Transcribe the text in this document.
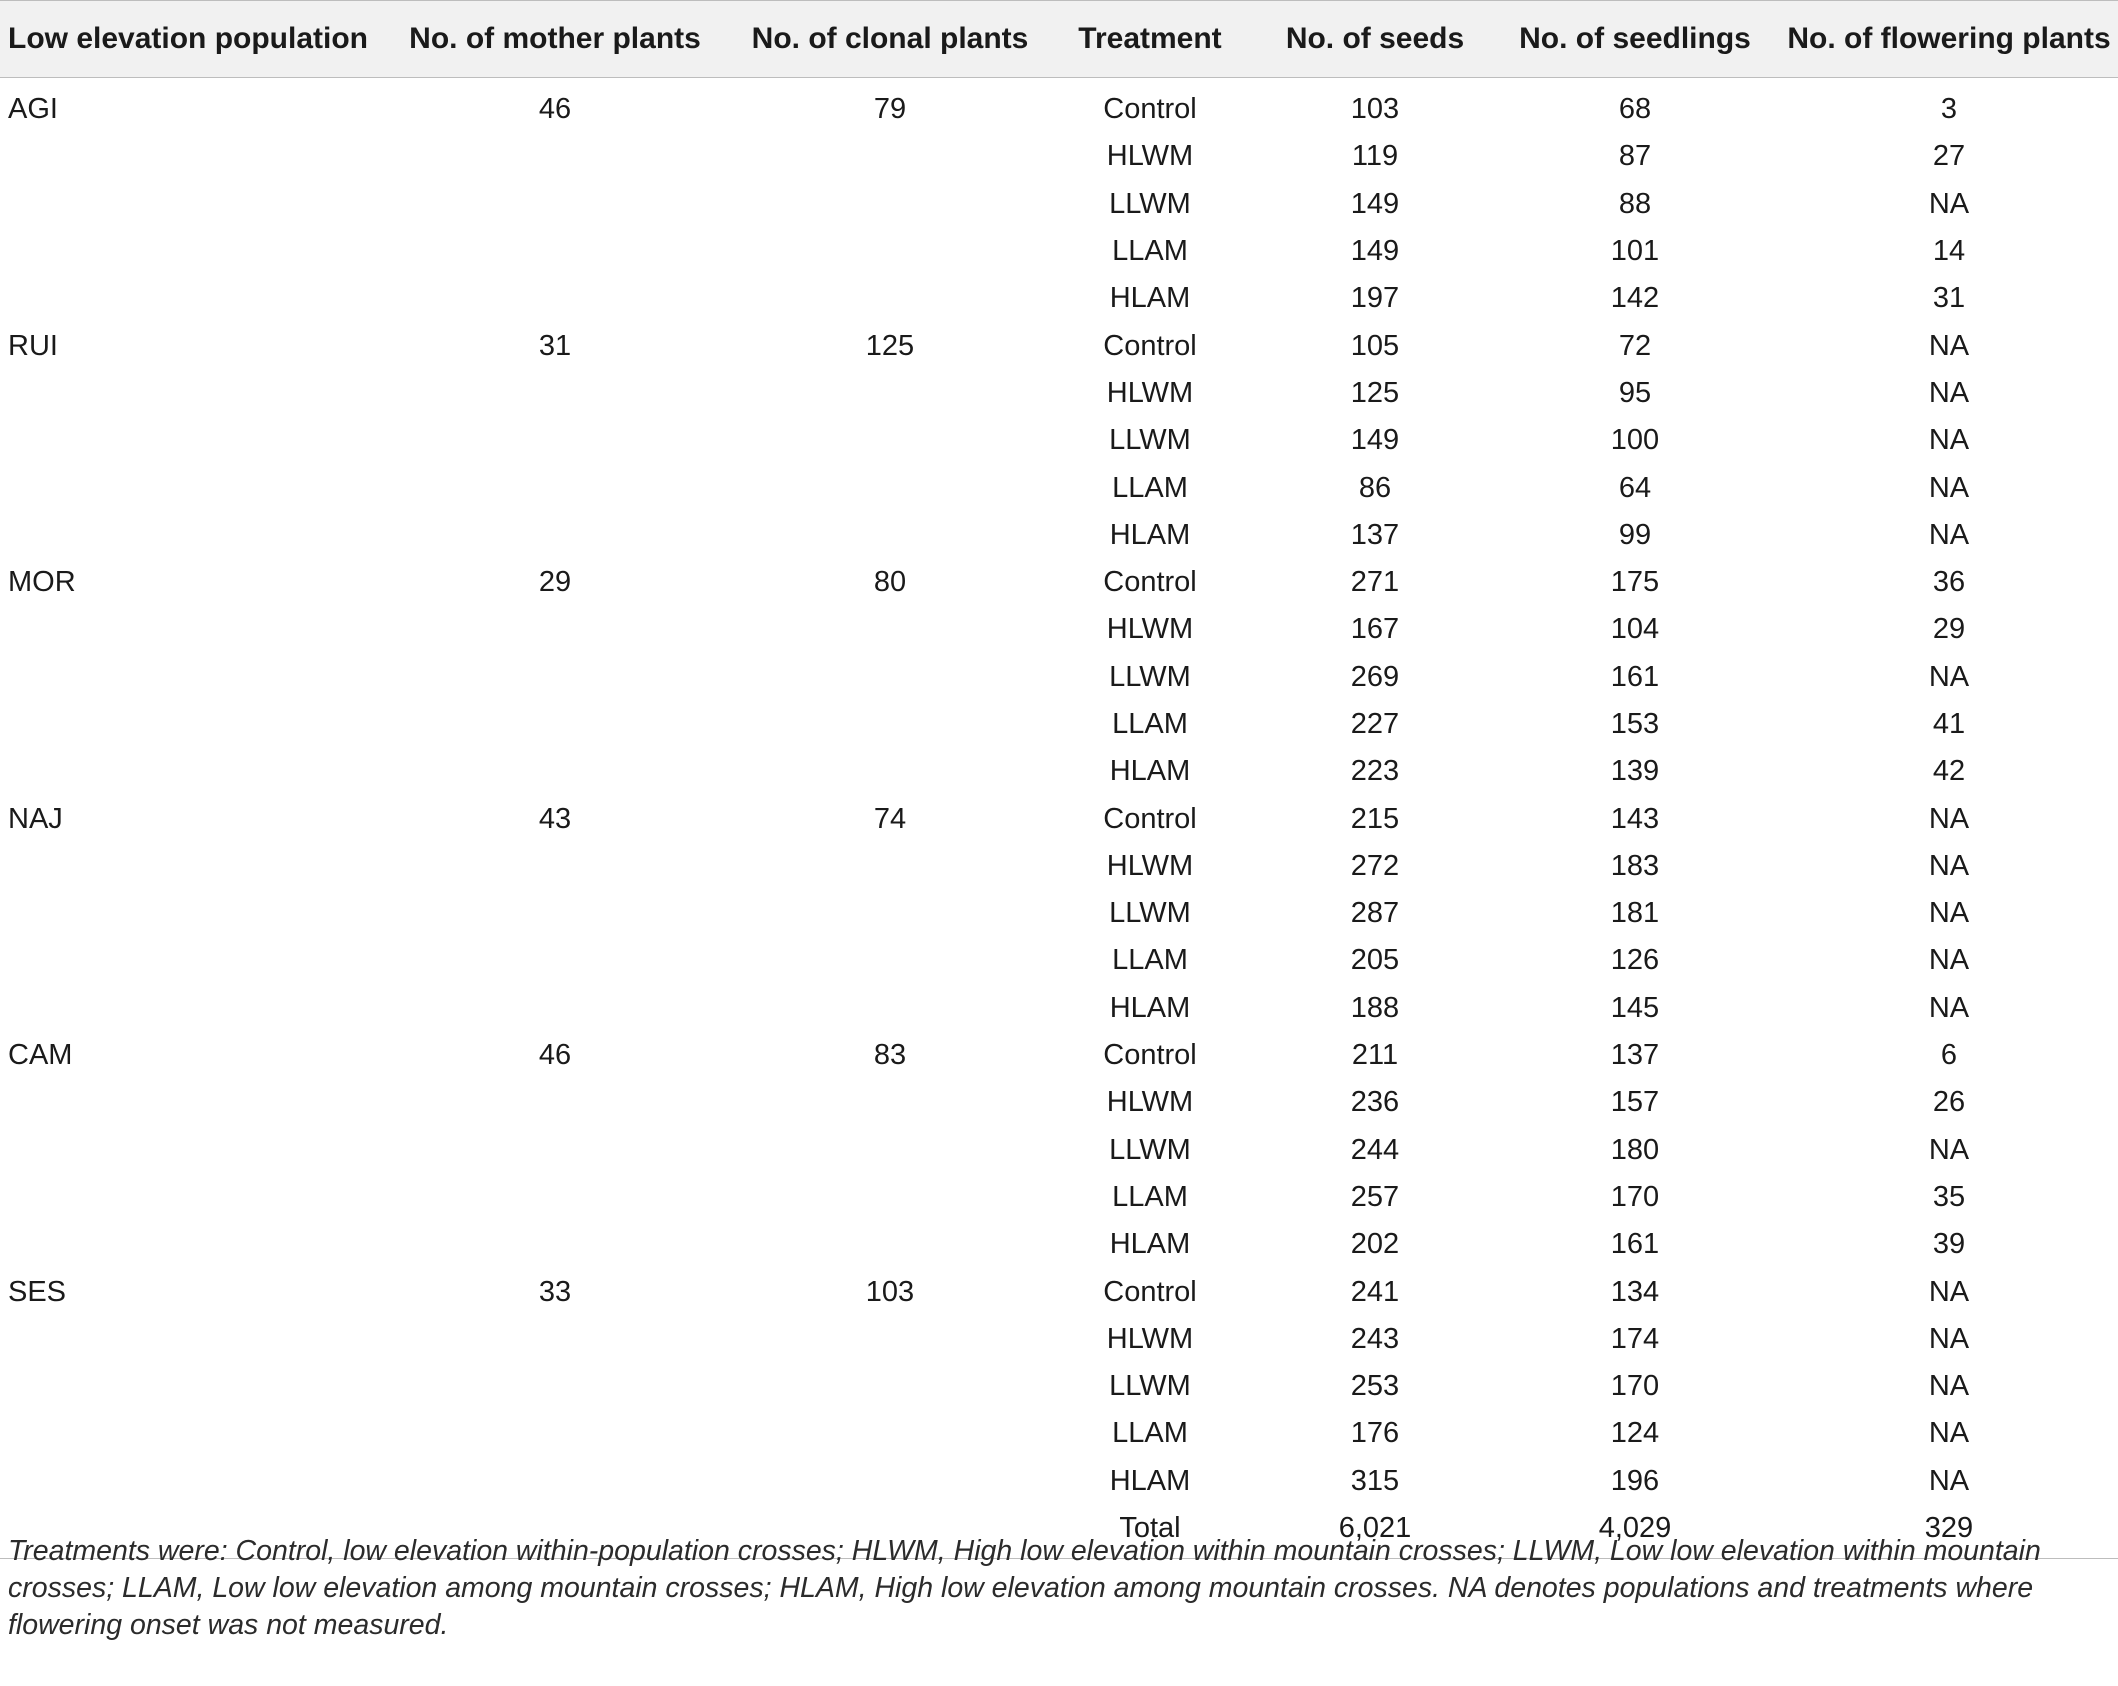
Low elevation population	No. of mother plants	No. of clonal plants	Treatment	No. of seeds	No. of seedlings	No. of flowering plants
AGI	46	79	Control	103	68	3
			HLWM	119	87	27
			LLWM	149	88	NA
			LLAM	149	101	14
			HLAM	197	142	31
RUI	31	125	Control	105	72	NA
			HLWM	125	95	NA
			LLWM	149	100	NA
			LLAM	86	64	NA
			HLAM	137	99	NA
MOR	29	80	Control	271	175	36
			HLWM	167	104	29
			LLWM	269	161	NA
			LLAM	227	153	41
			HLAM	223	139	42
NAJ	43	74	Control	215	143	NA
			HLWM	272	183	NA
			LLWM	287	181	NA
			LLAM	205	126	NA
			HLAM	188	145	NA
CAM	46	83	Control	211	137	6
			HLWM	236	157	26
			LLWM	244	180	NA
			LLAM	257	170	35
			HLAM	202	161	39
SES	33	103	Control	241	134	NA
			HLWM	243	174	NA
			LLWM	253	170	NA
			LLAM	176	124	NA
			HLAM	315	196	NA
			Total	6,021	4,029	329
Treatments were: Control, low elevation within-population crosses; HLWM, High low elevation within mountain crosses; LLWM, Low low elevation within mountain crosses; LLAM, Low low elevation among mountain crosses; HLAM, High low elevation among mountain crosses. NA denotes populations and treatments where flowering onset was not measured.
